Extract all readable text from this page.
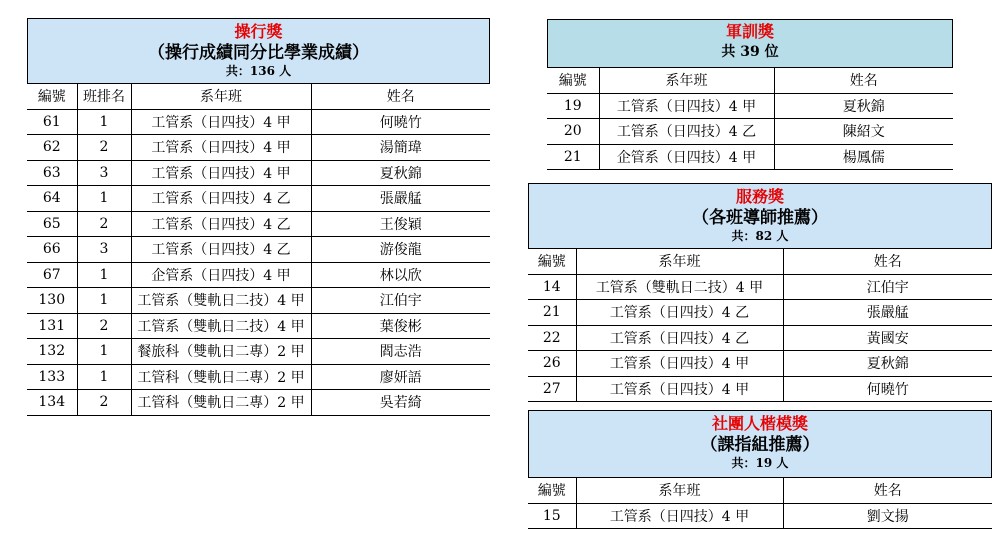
操行獎
（操行成績同分比學業成績）
共：136 人
編號	班排名	系年班	姓名
61	1	工管系（日四技）4 甲	何曉竹
62	2	工管系（日四技）4 甲	湯簡瑋
63	3	工管系（日四技）4 甲	夏秋錦
64	1	工管系（日四技）4 乙	張嚴艋
65	2	工管系（日四技）4 乙	王俊穎
66	3	工管系（日四技）4 乙	游俊龍
67	1	企管系（日四技）4 甲	林以欣
130	1	工管系（雙軌日二技）4 甲	江伯宇
131	2	工管系（雙軌日二技）4 甲	葉俊彬
132	1	餐旅科（雙軌日二專）2 甲	閻志浩
133	1	工管科（雙軌日二專）2 甲	廖妍語
134	2	工管科（雙軌日二專）2 甲	吳若綺
軍訓獎
共 39 位
編號	系年班	姓名
19	工管系（日四技）4 甲	夏秋錦
20	工管系（日四技）4 乙	陳紹文
21	企管系（日四技）4 甲	楊鳳儒
服務獎
（各班導師推薦）
共：82 人
編號	系年班	姓名
14	工管系（雙軌日二技）4 甲	江伯宇
21	工管系（日四技）4 乙	張嚴艋
22	工管系（日四技）4 乙	黃國安
26	工管系（日四技）4 甲	夏秋錦
27	工管系（日四技）4 甲	何曉竹
社團人楷模獎
（課指組推薦）
共：19 人
編號	系年班	姓名
15	工管系（日四技）4 甲	劉文揚
